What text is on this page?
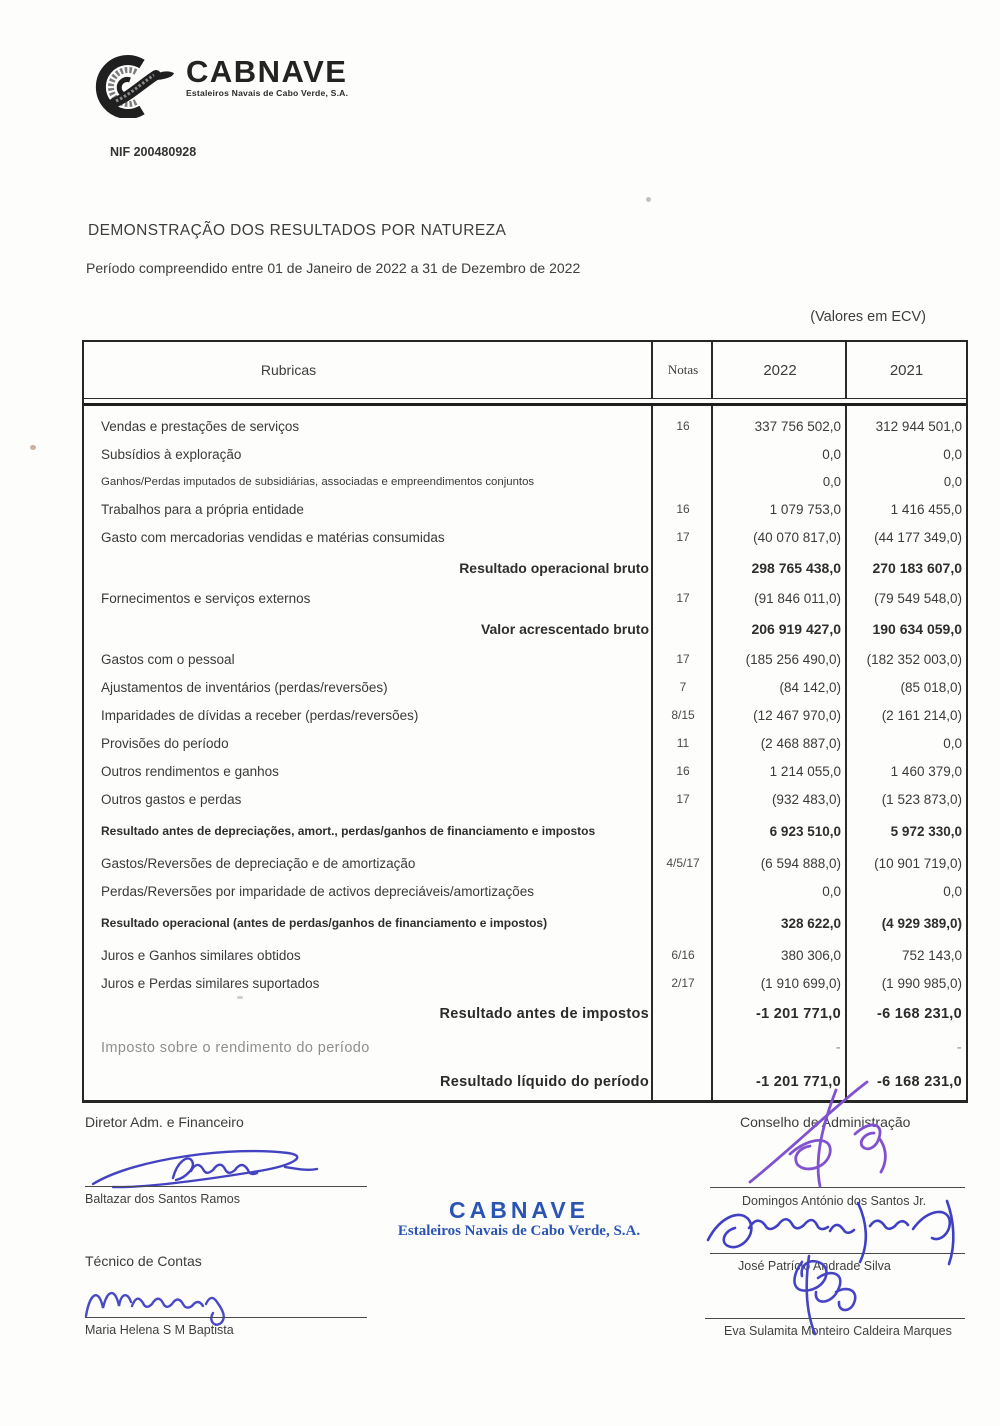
CABNAVE
Estaleiros Navais de Cabo Verde, S.A.
NIF 200480928
DEMONSTRAÇÃO DOS RESULTADOS POR NATUREZA
Período compreendido entre 01 de Janeiro de 2022 a 31 de Dezembro de 2022
(Valores em ECV)
Rubricas	Notas	2022	2021
Vendas e prestações de serviços	16	337 756 502,0	312 944 501,0
Subsídios à exploração	0,0	0,0
Ganhos/Perdas imputados de subsidiárias, associadas e empreendimentos conjuntos	0,0	0,0
Trabalhos para a própria entidade	16	1 079 753,0	1 416 455,0
Gasto com mercadorias vendidas e matérias consumidas	17	(40 070 817,0)	(44 177 349,0)
Resultado operacional bruto	298 765 438,0	270 183 607,0
Fornecimentos e serviços externos	17	(91 846 011,0)	(79 549 548,0)
Valor acrescentado bruto	206 919 427,0	190 634 059,0
Gastos com o pessoal	17	(185 256 490,0)	(182 352 003,0)
Ajustamentos de inventários (perdas/reversões)	7	(84 142,0)	(85 018,0)
Imparidades de dívidas a receber (perdas/reversões)	8/15	(12 467 970,0)	(2 161 214,0)
Provisões do período	11	(2 468 887,0)	0,0
Outros rendimentos e ganhos	16	1 214 055,0	1 460 379,0
Outros gastos e perdas	17	(932 483,0)	(1 523 873,0)
Resultado antes de depreciações, amort., perdas/ganhos de financiamento e impostos	6 923 510,0	5 972 330,0
Gastos/Reversões de depreciação e de amortização	4/5/17	(6 594 888,0)	(10 901 719,0)
Perdas/Reversões por imparidade de activos depreciáveis/amortizações	0,0	0,0
Resultado operacional (antes de perdas/ganhos de financiamento e impostos)	328 622,0	(4 929 389,0)
Juros e Ganhos similares obtidos	6/16	380 306,0	752 143,0
Juros e Perdas similares suportados	2/17	(1 910 699,0)	(1 990 985,0)
Resultado antes de impostos	-1 201 771,0	-6 168 231,0
Imposto sobre o rendimento do período	-	-
Resultado líquido do período	-1 201 771,0	-6 168 231,0
Diretor Adm. e Financeiro
Baltazar dos Santos Ramos
Técnico de Contas
Maria Helena S M Baptista
CABNAVE
Estaleiros Navais de Cabo Verde, S.A.
Conselho de Administração
Domingos António dos Santos Jr.
José Patrício Andrade Silva
Eva Sulamita Monteiro Caldeira Marques
